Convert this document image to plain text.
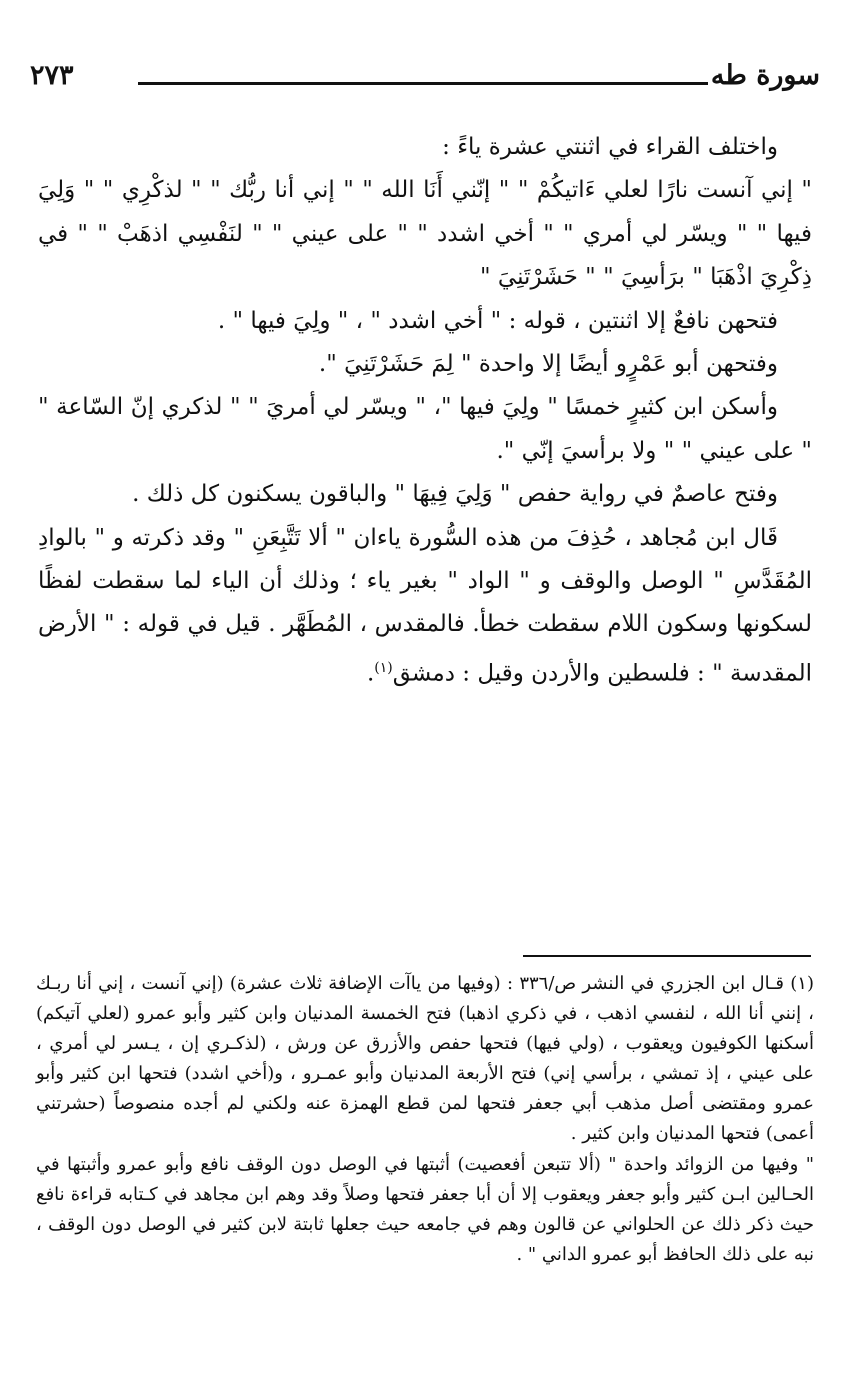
سورة طه
٢٧٣

واختلف القراء في اثنتي عشرة ياءً :

" إني آنست نارًا لعلي ءَاتيكُمْ " " إنّني أَنَا الله " " إني أنا ربُّك " " لذكْرِي " " وَلِيَ فيها " " ويسّر لي أمري " " أخي اشدد " " على عيني " " لنَفْسِي اذهَبْ " " في ذِكْرِيَ اذْهَبَا " برَأسِيَ " " حَشَرْتَنِيَ "

فتحهن نافعٌ إلا اثنتين ، قوله : " أخي اشدد " ، " ولِيَ فيها " .

وفتحهن أبو عَمْرٍو أيضًا إلا واحدة " لِمَ حَشَرْتَنِيَ ".

وأسكن ابن كثيرٍ خمسًا " ولِيَ فيها "، " ويسّر لي أمريَ " " لذكري إنّ السّاعة " " على عيني " " ولا برأسيَ إنّي ".

وفتح عاصمٌ في رواية حفص " وَلِيَ فِيهَا " والباقون يسكنون كل ذلك .

قَال ابن مُجاهد ، حُذِفَ من هذه السُّورة ياءان " ألا تَتَّبِعَنِ " وقد ذكرته و " بالوادِ المُقَدَّسِ " الوصل والوقف و " الواد " بغير ياء ؛ وذلك أن الياء لما سقطت لفظًا لسكونها وسكون اللام سقطت خطأ. فالمقدس ، المُطَهَّر . قيل في قوله : " الأرض المقدسة " : فلسطين والأردن وقيل : دمشق$^{(١)}$.

(١) قـال ابن الجزري في النشر ص/٣٣٦ : (وفيها من ياآت الإضافة ثلاث عشرة) (إني آنست ، إني أنا ربـك ، إنني أنا الله ، لنفسي اذهب ، في ذكري اذهبا) فتح الخمسة المدنيان وابن كثير وأبو عمرو (لعلي آتيكم) أسكنها الكوفيون ويعقوب ، (ولي فيها) فتحها حفص والأزرق عن ورش ، (لذكـري إن ، يـسر لي أمري ، على عيني ، إذ تمشي ، برأسي إني) فتح الأربعة المدنيان وأبو عمـرو ، و(أخي اشدد) فتحها ابن كثير وأبو عمرو ومقتضى أصل مذهب أبي جعفر فتحها لمن قطع الهمزة عنه ولكني لم أجده منصوصاً (حشرتني أعمى) فتحها المدنيان وابن كثير .

" وفيها من الزوائد واحدة " (ألا تتبعن أفعصيت) أثبتها في الوصل دون الوقف نافع وأبو عمرو وأثبتها في الحـالين ابـن كثير وأبو جعفر ويعقوب إلا أن أبا جعفر فتحها وصلاً وقد وهم ابن مجاهد في كـتابه قراءة نافع حيث ذكر ذلك عن الحلواني عن قالون وهم في جامعه حيث جعلها ثابتة لابن كثير في الوصل دون الوقف ، نبه على ذلك الحافظ أبو عمرو الداني " .
